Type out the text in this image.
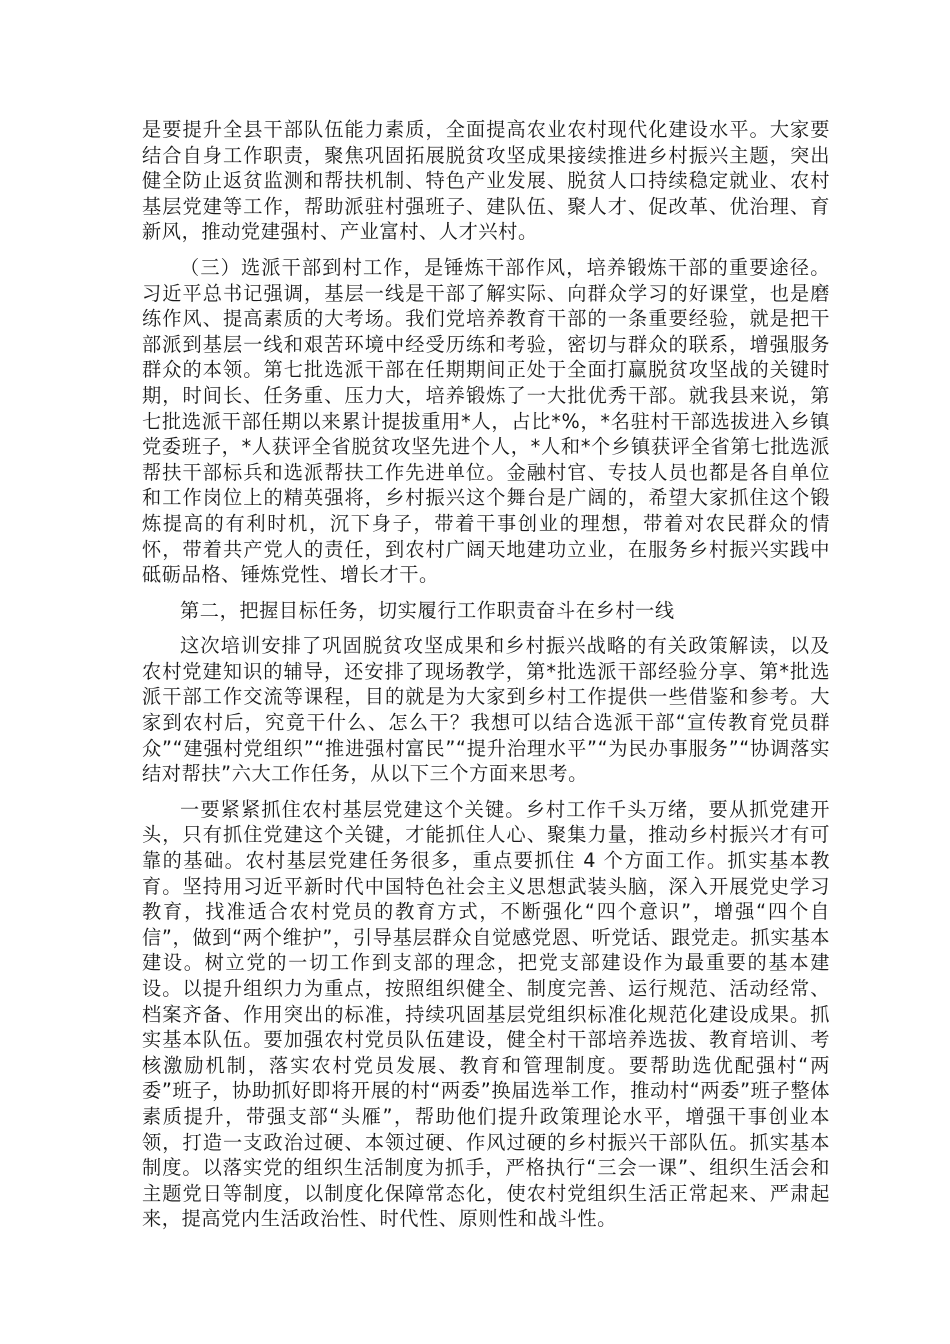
是要提升全县干部队伍能力素质，全面提高农业农村现代化建设水平。大家要结合自身工作职责，聚焦巩固拓展脱贫攻坚成果接续推进乡村振兴主题，突出健全防止返贫监测和帮扶机制、特色产业发展、脱贫人口持续稳定就业、农村基层党建等工作，帮助派驻村强班子、建队伍、聚人才、促改革、优治理、育新风，推动党建强村、产业富村、人才兴村。

（三）选派干部到村工作，是锤炼干部作风，培养锻炼干部的重要途径。习近平总书记强调，基层一线是干部了解实际、向群众学习的好课堂，也是磨练作风、提高素质的大考场。我们党培养教育干部的一条重要经验，就是把干部派到基层一线和艰苦环境中经受历练和考验，密切与群众的联系，增强服务群众的本领。第七批选派干部在任期期间正处于全面打赢脱贫攻坚战的关键时期，时间长、任务重、压力大，培养锻炼了一大批优秀干部。就我县来说，第七批选派干部任期以来累计提拔重用*人，占比*%，*名驻村干部选拔进入乡镇党委班子，*人获评全省脱贫攻坚先进个人，*人和*个乡镇获评全省第七批选派帮扶干部标兵和选派帮扶工作先进单位。金融村官、专技人员也都是各自单位和工作岗位上的精英强将，乡村振兴这个舞台是广阔的，希望大家抓住这个锻炼提高的有利时机，沉下身子，带着干事创业的理想，带着对农民群众的情怀，带着共产党人的责任，到农村广阔天地建功立业，在服务乡村振兴实践中砥砺品格、锤炼党性、增长才干。

第二，把握目标任务，切实履行工作职责奋斗在乡村一线

这次培训安排了巩固脱贫攻坚成果和乡村振兴战略的有关政策解读，以及农村党建知识的辅导，还安排了现场教学，第*批选派干部经验分享、第*批选派干部工作交流等课程，目的就是为大家到乡村工作提供一些借鉴和参考。大家到农村后，究竟干什么、怎么干？我想可以结合选派干部“宣传教育党员群众”“建强村党组织”“推进强村富民”“提升治理水平”“为民办事服务”“协调落实结对帮扶”六大工作任务，从以下三个方面来思考。

一要紧紧抓住农村基层党建这个关键。乡村工作千头万绪，要从抓党建开头，只有抓住党建这个关键，才能抓住人心、聚集力量，推动乡村振兴才有可靠的基础。农村基层党建任务很多，重点要抓住 4 个方面工作。抓实基本教育。坚持用习近平新时代中国特色社会主义思想武装头脑，深入开展党史学习教育，找准适合农村党员的教育方式，不断强化“四个意识”，增强“四个自信”，做到“两个维护”，引导基层群众自觉感党恩、听党话、跟党走。抓实基本建设。树立党的一切工作到支部的理念，把党支部建设作为最重要的基本建设。以提升组织力为重点，按照组织健全、制度完善、运行规范、活动经常、档案齐备、作用突出的标准，持续巩固基层党组织标准化规范化建设成果。抓实基本队伍。要加强农村党员队伍建设，健全村干部培养选拔、教育培训、考核激励机制，落实农村党员发展、教育和管理制度。要帮助选优配强村“两委”班子，协助抓好即将开展的村“两委”换届选举工作，推动村“两委”班子整体素质提升，带强支部“头雁”，帮助他们提升政策理论水平，增强干事创业本领，打造一支政治过硬、本领过硬、作风过硬的乡村振兴干部队伍。抓实基本制度。以落实党的组织生活制度为抓手，严格执行“三会一课”、组织生活会和主题党日等制度，以制度化保障常态化，使农村党组织生活正常起来、严肃起来，提高党内生活政治性、时代性、原则性和战斗性。
